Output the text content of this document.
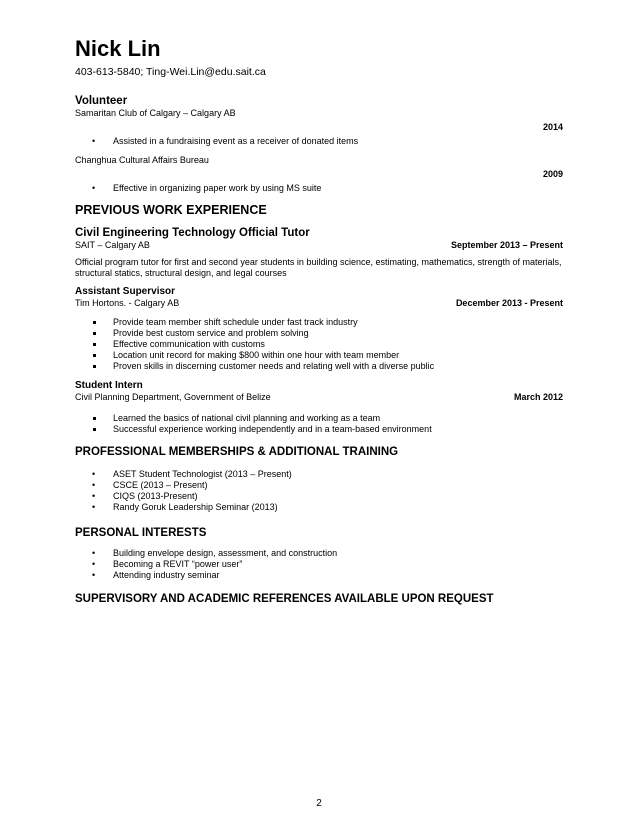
Nick Lin
403-613-5840; Ting-Wei.Lin@edu.sait.ca
Volunteer
Samaritan Club of Calgary – Calgary AB
2014
• Assisted in a fundraising event as a receiver of donated items
Changhua Cultural Affairs Bureau
2009
• Effective in organizing paper work by using MS suite
PREVIOUS WORK EXPERIENCE
Civil Engineering Technology Official Tutor
SAIT – Calgary AB	September 2013 – Present
Official program tutor for first and second year students in building science, estimating, mathematics, strength of materials, structural statics, structural design, and legal courses
Assistant Supervisor
Tim Hortons. - Calgary AB	December 2013 - Present
Provide team member shift schedule under fast track industry
Provide best custom service and problem solving
Effective communication with customs
Location unit record for making $800 within one hour with team member
Proven skills in discerning customer needs and relating well with a diverse public
Student Intern
Civil Planning Department, Government of Belize	March 2012
Learned the basics of national civil planning and working as a team
Successful experience working independently and in a team-based environment
PROFESSIONAL MEMBERSHIPS & ADDITIONAL TRAINING
• ASET Student Technologist (2013 – Present)
• CSCE (2013 – Present)
• CIQS (2013-Present)
• Randy Goruk Leadership Seminar (2013)
PERSONAL INTERESTS
• Building envelope design, assessment, and construction
• Becoming a REVIT “power user”
• Attending industry seminar
SUPERVISORY AND ACADEMIC REFERENCES AVAILABLE UPON REQUEST
2
